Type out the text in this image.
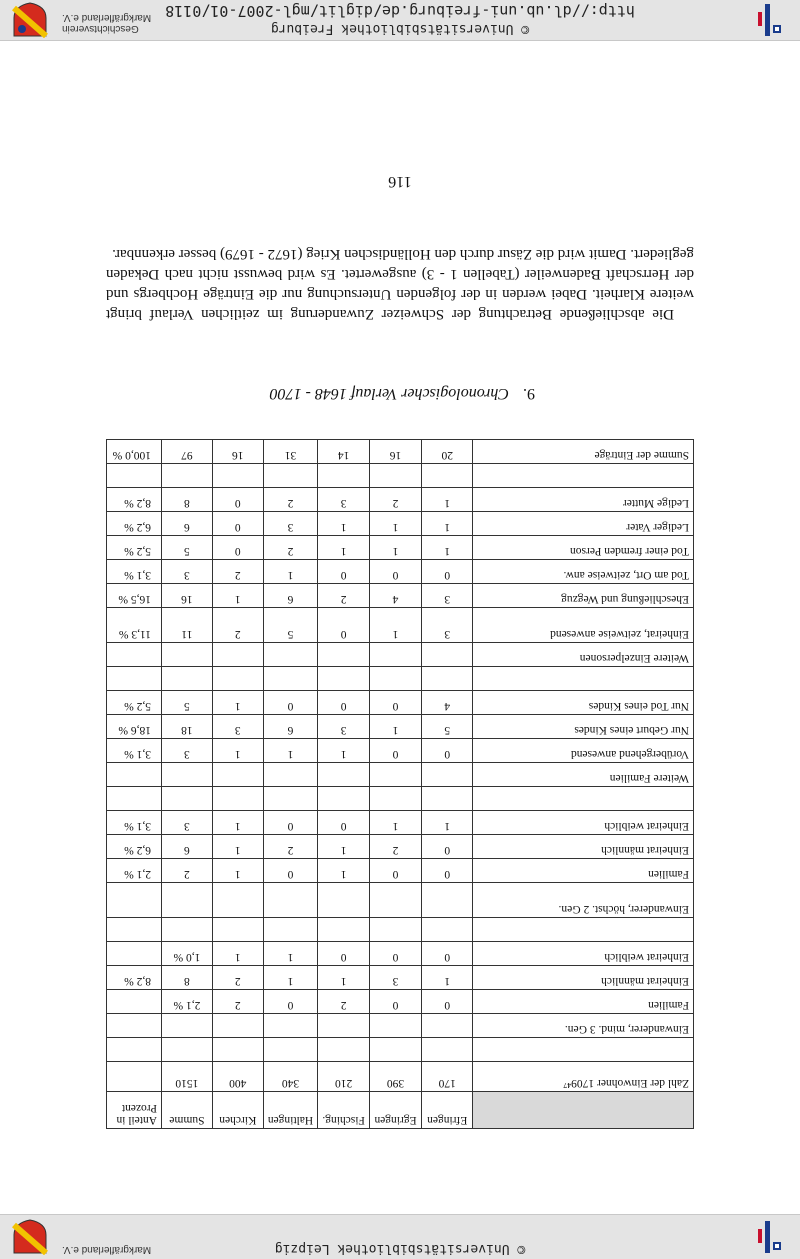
© Universitätsbibliothek Leipzig
Markgräflerland e.V.
	Efringen	Egringen	Fisching.	Haltingen	Kirchen	Summe	Anteil in Prozent
Zahl der Einwohner 1709⁴⁷	170	390	210	340	400	1510	

Einwanderer, mind. 3 Gen.							
Familien	0	0	2	0	2	2,1 %	
Einheirat männlich	1	3	1	1	2	8	8,2 %
Einheirat weiblich	0	0	0	1	1	1,0 %	

Einwanderer, höchst. 2 Gen.							
Familien	0	0	1	0	1	2	2,1 %
Einheirat männlich	0	2	1	2	1	6	6,2 %
Einheirat weiblich	1	1	0	0	1	3	3,1 %

Weitere Familien							
Vorübergehend anwesend	0	0	1	1	1	3	3,1 %
Nur Geburt eines Kindes	5	1	3	6	3	18	18,6 %
Nur Tod eines Kindes	4	0	0	0	1	5	5,2 %

Weitere Einzelpersonen							
Einheirat, zeitweise anwesend	3	1	0	5	2	11	11,3 %
Eheschließung und Wegzug	3	4	2	6	1	16	16,5 %
Tod am Ort, zeitweise anw.	0	0	0	1	2	3	3,1 %
Tod einer fremden Person	1	1	1	2	0	5	5,2 %
Lediger Vater	1	1	1	3	0	6	6,2 %
Ledige Mutter	1	2	3	2	0	8	8,2 %

Summe der Einträge	20	16	14	31	16	97	100,0 %
9.Chronologischer Verlauf 1648 - 1700

Die abschließende Betrachtung der Schweizer Zuwanderung im zeitlichen Verlauf bringt weitere Klarheit. Dabei werden in der folgenden Untersuchung nur die Einträge Hochbergs und der Herrschaft Badenweiler (Tabellen 1 - 3) ausgewertet. Es wird bewusst nicht nach Dekaden gegliedert. Damit wird die Zäsur durch den Holländischen Krieg (1672 - 1679) besser erkennbar.

116
© Universitätsbibliothek Freiburg
http://dl.ub.uni-freiburg.de/diglit/mgl-2007-01/0118
Geschichtsverein
Markgräflerland e.V.
